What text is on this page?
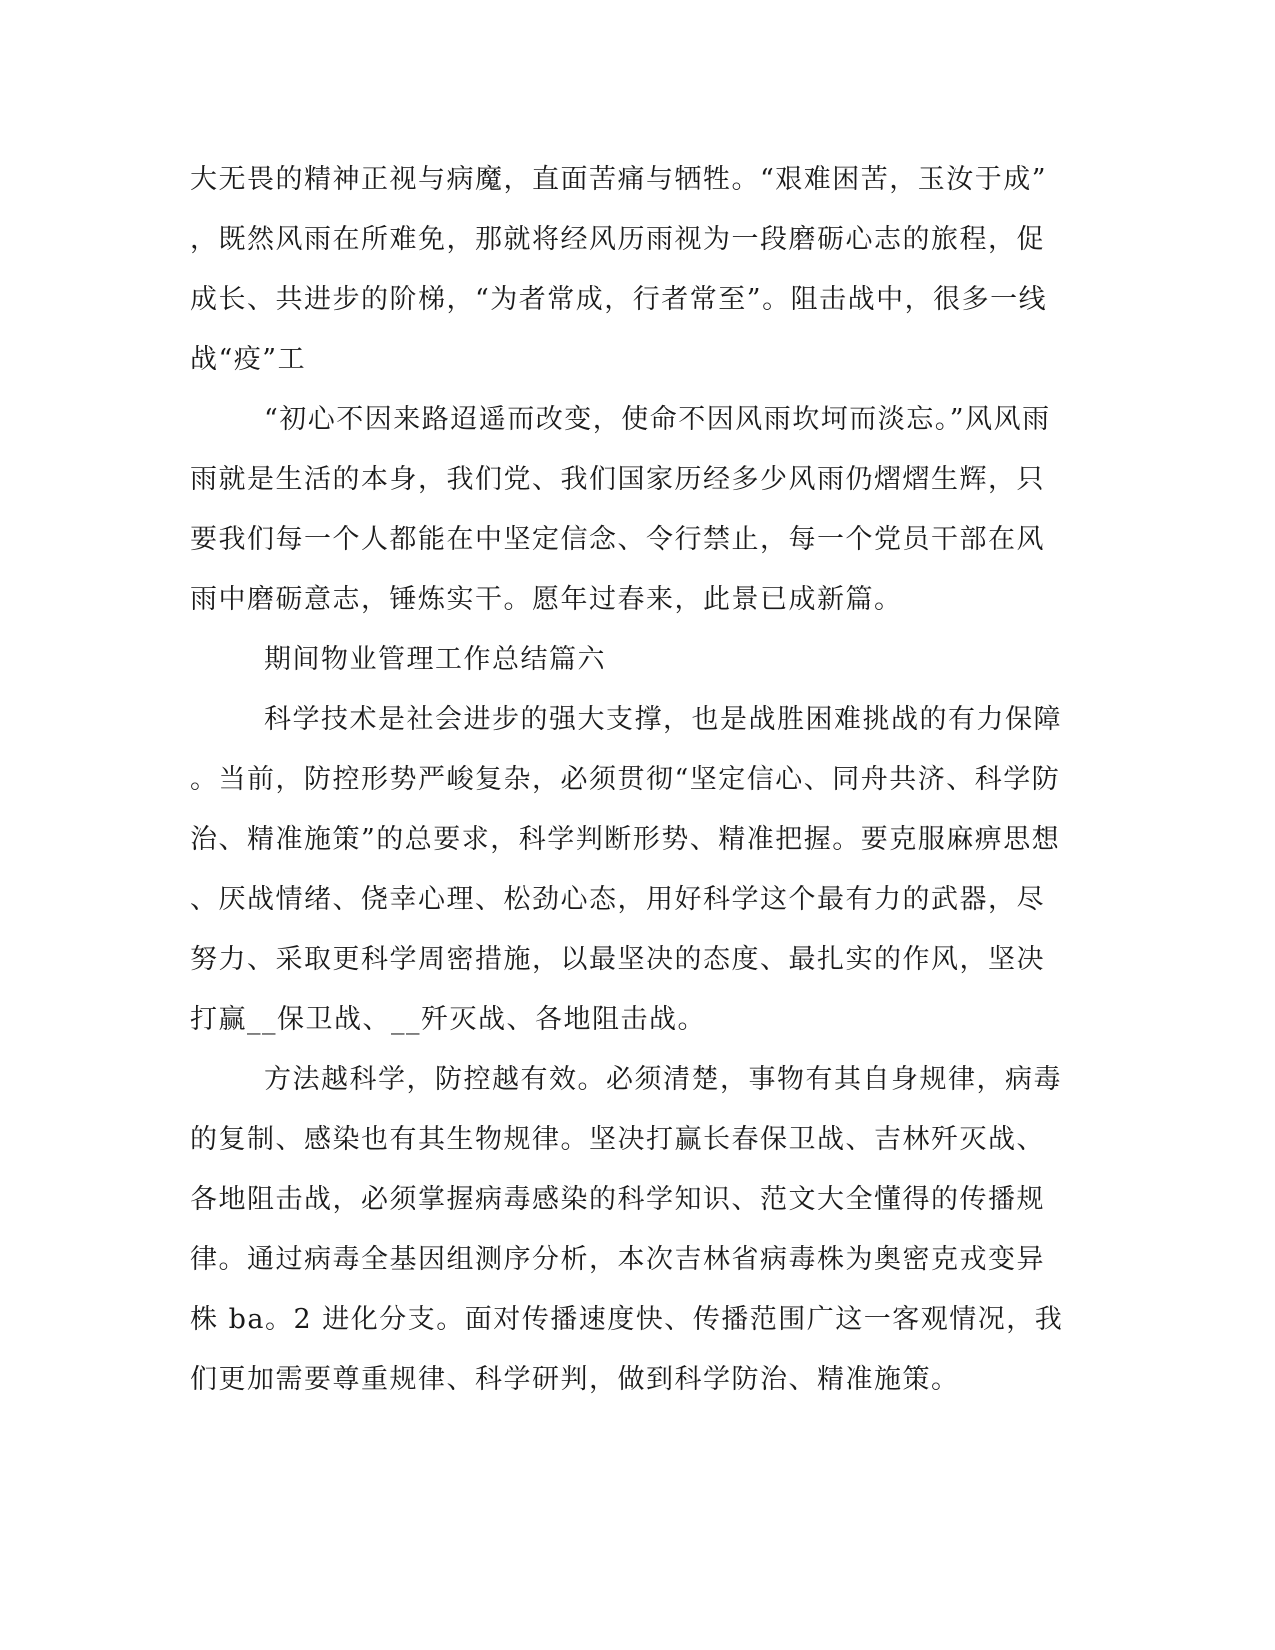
大无畏的精神正视与病魔，直面苦痛与牺牲。“艰难困苦，玉汝于成”
，既然风雨在所难免，那就将经风历雨视为一段磨砺心志的旅程，促
成长、共进步的阶梯，“为者常成，行者常至”。阻击战中，很多一线
战“疫”工
“初心不因来路迢遥而改变，使命不因风雨坎坷而淡忘。”风风雨
雨就是生活的本身，我们党、我们国家历经多少风雨仍熠熠生辉，只
要我们每一个人都能在中坚定信念、令行禁止，每一个党员干部在风
雨中磨砺意志，锤炼实干。愿年过春来，此景已成新篇。
期间物业管理工作总结篇六
科学技术是社会进步的强大支撑，也是战胜困难挑战的有力保障
。当前，防控形势严峻复杂，必须贯彻“坚定信心、同舟共济、科学防
治、精准施策”的总要求，科学判断形势、精准把握。要克服麻痹思想
、厌战情绪、侥幸心理、松劲心态，用好科学这个最有力的武器，尽
努力、采取更科学周密措施，以最坚决的态度、最扎实的作风，坚决
打赢__保卫战、__歼灭战、各地阻击战。
方法越科学，防控越有效。必须清楚，事物有其自身规律，病毒
的复制、感染也有其生物规律。坚决打赢长春保卫战、吉林歼灭战、
各地阻击战，必须掌握病毒感染的科学知识、范文大全懂得的传播规
律。通过病毒全基因组测序分析，本次吉林省病毒株为奥密克戎变异
株 ba。2 进化分支。面对传播速度快、传播范围广这一客观情况，我
们更加需要尊重规律、科学研判，做到科学防治、精准施策。
